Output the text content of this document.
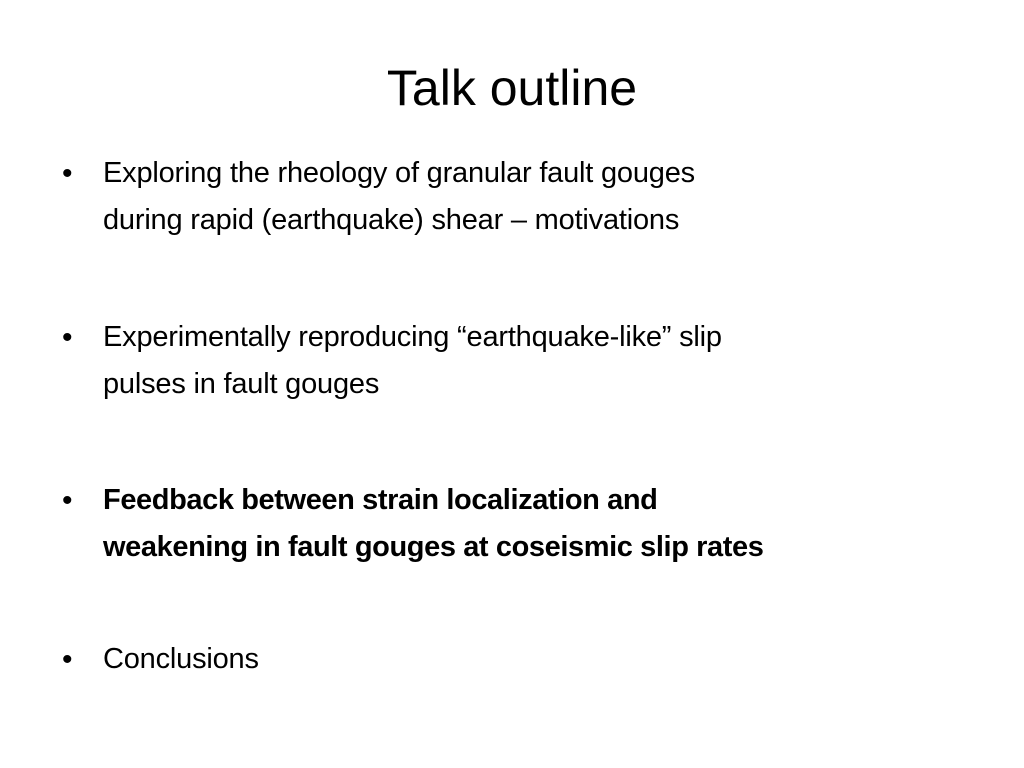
Talk outline
•	Exploring the rheology of granular fault gouges
during rapid (earthquake) shear – motivations
•	Experimentally reproducing “earthquake-like” slip
pulses in fault gouges
•	Feedback between strain localization and
weakening in fault gouges at coseismic slip rates
•	Conclusions
